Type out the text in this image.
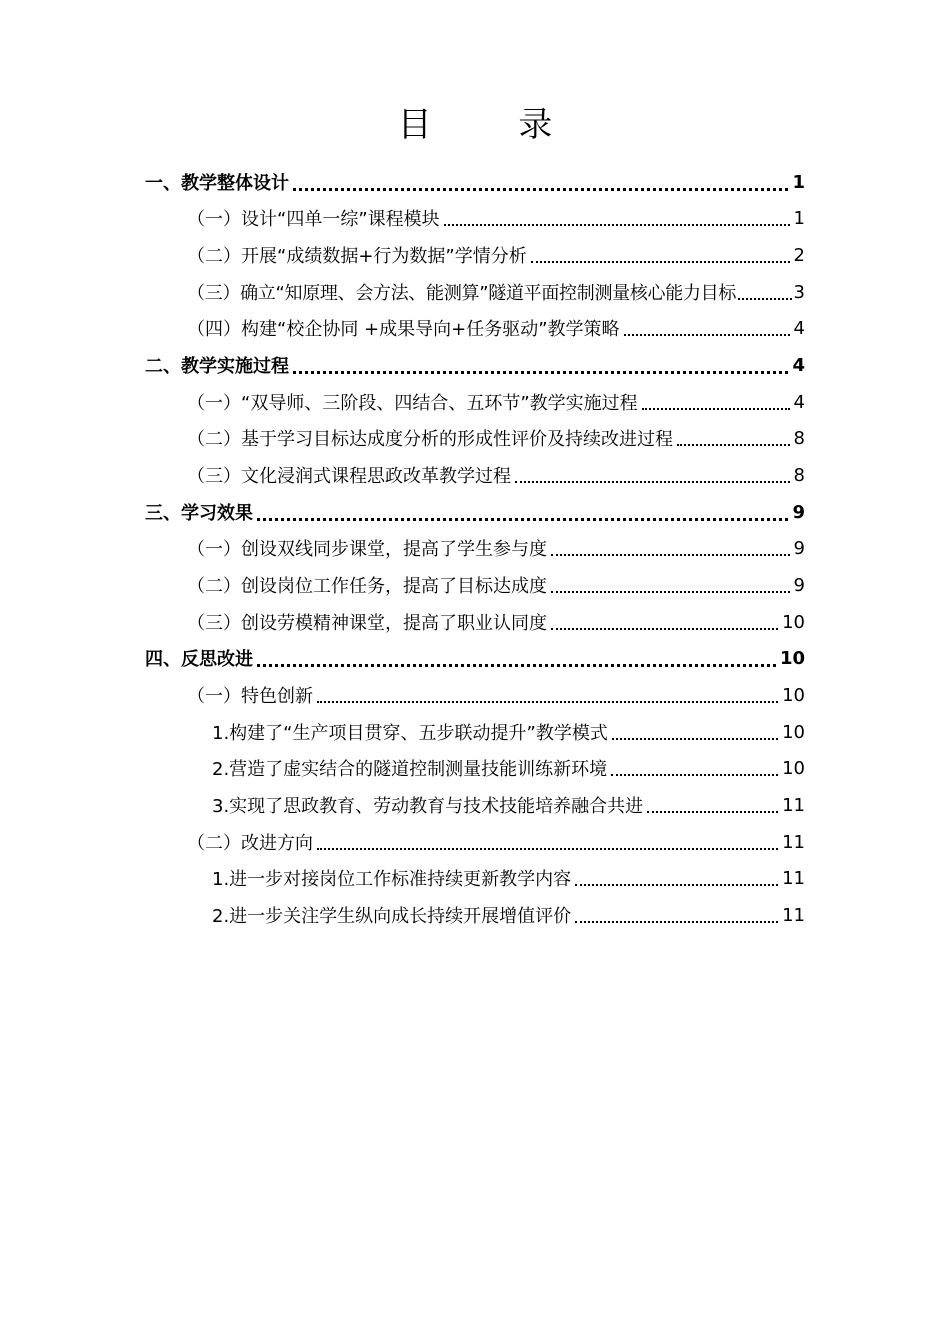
目 录
一、教学整体设计	1
（一）设计“四单一综”课程模块	1
（二）开展“成绩数据+行为数据”学情分析	2
（三）确立“知原理、会方法、能测算”隧道平面控制测量核心能力目标	3
（四）构建“校企协同 +成果导向+任务驱动”教学策略	4
二、教学实施过程	4
（一）“双导师、三阶段、四结合、五环节”教学实施过程	4
（二）基于学习目标达成度分析的形成性评价及持续改进过程	8
（三）文化浸润式课程思政改革教学过程	8
三、学习效果	9
（一）创设双线同步课堂，提高了学生参与度	9
（二）创设岗位工作任务，提高了目标达成度	9
（三）创设劳模精神课堂，提高了职业认同度	10
四、反思改进	10
（一）特色创新	10
1.构建了“生产项目贯穿、五步联动提升”教学模式	10
2.营造了虚实结合的隧道控制测量技能训练新环境	10
3.实现了思政教育、劳动教育与技术技能培养融合共进	11
（二）改进方向	11
1.进一步对接岗位工作标准持续更新教学内容	11
2.进一步关注学生纵向成长持续开展增值评价	11
